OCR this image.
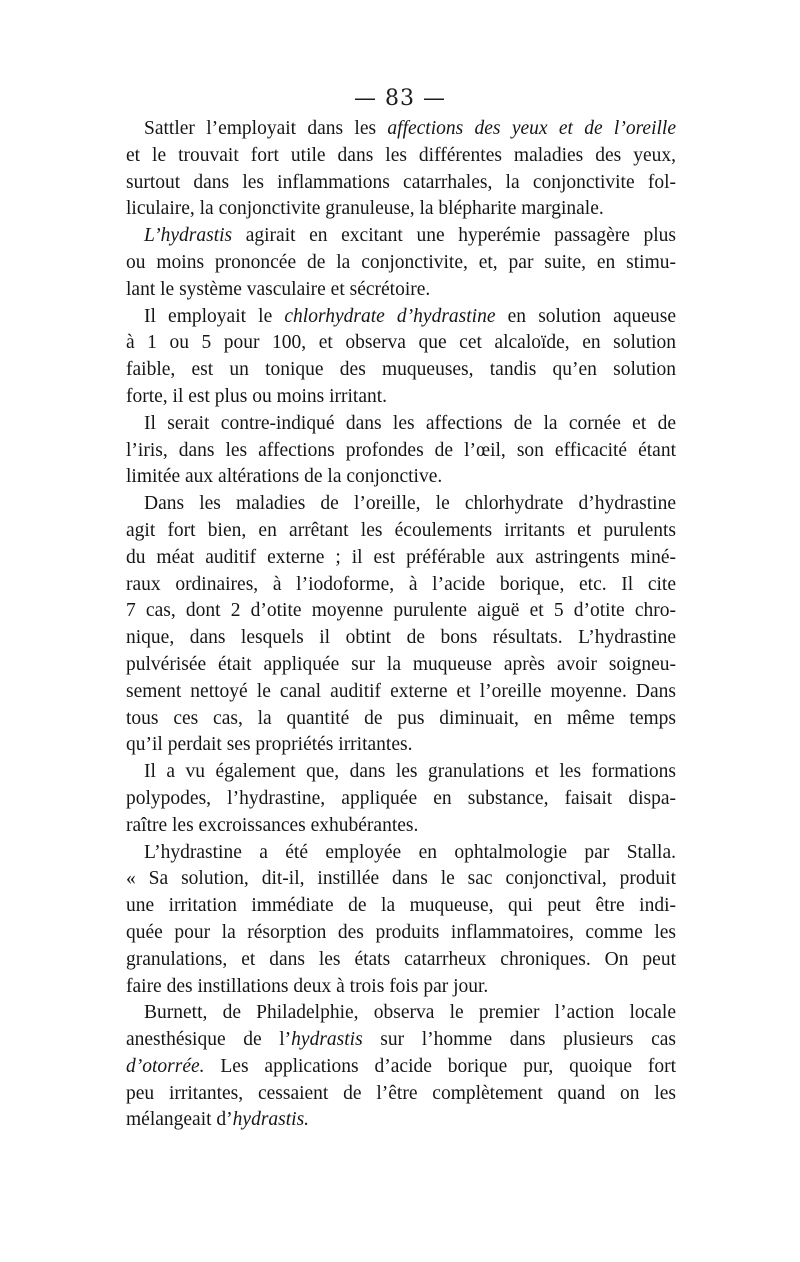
— 83 —
Sattler l’employait dans les affections des yeux et de l’oreille
et le trouvait fort utile dans les différentes maladies des yeux,
surtout dans les inflammations catarrhales, la conjonctivite fol-
liculaire, la conjonctivite granuleuse, la blépharite marginale.
L’hydrastis agirait en excitant une hyperémie passagère plus
ou moins prononcée de la conjonctivite, et, par suite, en stimu-
lant le système vasculaire et sécrétoire.
Il employait le chlorhydrate d’hydrastine en solution aqueuse
à 1 ou 5 pour 100, et observa que cet alcaloïde, en solution
faible, est un tonique des muqueuses, tandis qu’en solution
forte, il est plus ou moins irritant.
Il serait contre-indiqué dans les affections de la cornée et de
l’iris, dans les affections profondes de l’œil, son efficacité étant
limitée aux altérations de la conjonctive.
Dans les maladies de l’oreille, le chlorhydrate d’hydrastine
agit fort bien, en arrêtant les écoulements irritants et purulents
du méat auditif externe ; il est préférable aux astringents miné-
raux ordinaires, à l’iodoforme, à l’acide borique, etc. Il cite
7 cas, dont 2 d’otite moyenne purulente aiguë et 5 d’otite chro-
nique, dans lesquels il obtint de bons résultats. L’hydrastine
pulvérisée était appliquée sur la muqueuse après avoir soigneu-
sement nettoyé le canal auditif externe et l’oreille moyenne. Dans
tous ces cas, la quantité de pus diminuait, en même temps
qu’il perdait ses propriétés irritantes.
Il a vu également que, dans les granulations et les formations
polypodes, l’hydrastine, appliquée en substance, faisait dispa-
raître les excroissances exhubérantes.
L’hydrastine a été employée en ophtalmologie par Stalla.
« Sa solution, dit-il, instillée dans le sac conjonctival, produit
une irritation immédiate de la muqueuse, qui peut être indi-
quée pour la résorption des produits inflammatoires, comme les
granulations, et dans les états catarrheux chroniques. On peut
faire des instillations deux à trois fois par jour.
Burnett, de Philadelphie, observa le premier l’action locale
anesthésique de l’hydrastis sur l’homme dans plusieurs cas
d’otorrée. Les applications d’acide borique pur, quoique fort
peu irritantes, cessaient de l’être complètement quand on les
mélangeait d’hydrastis.
